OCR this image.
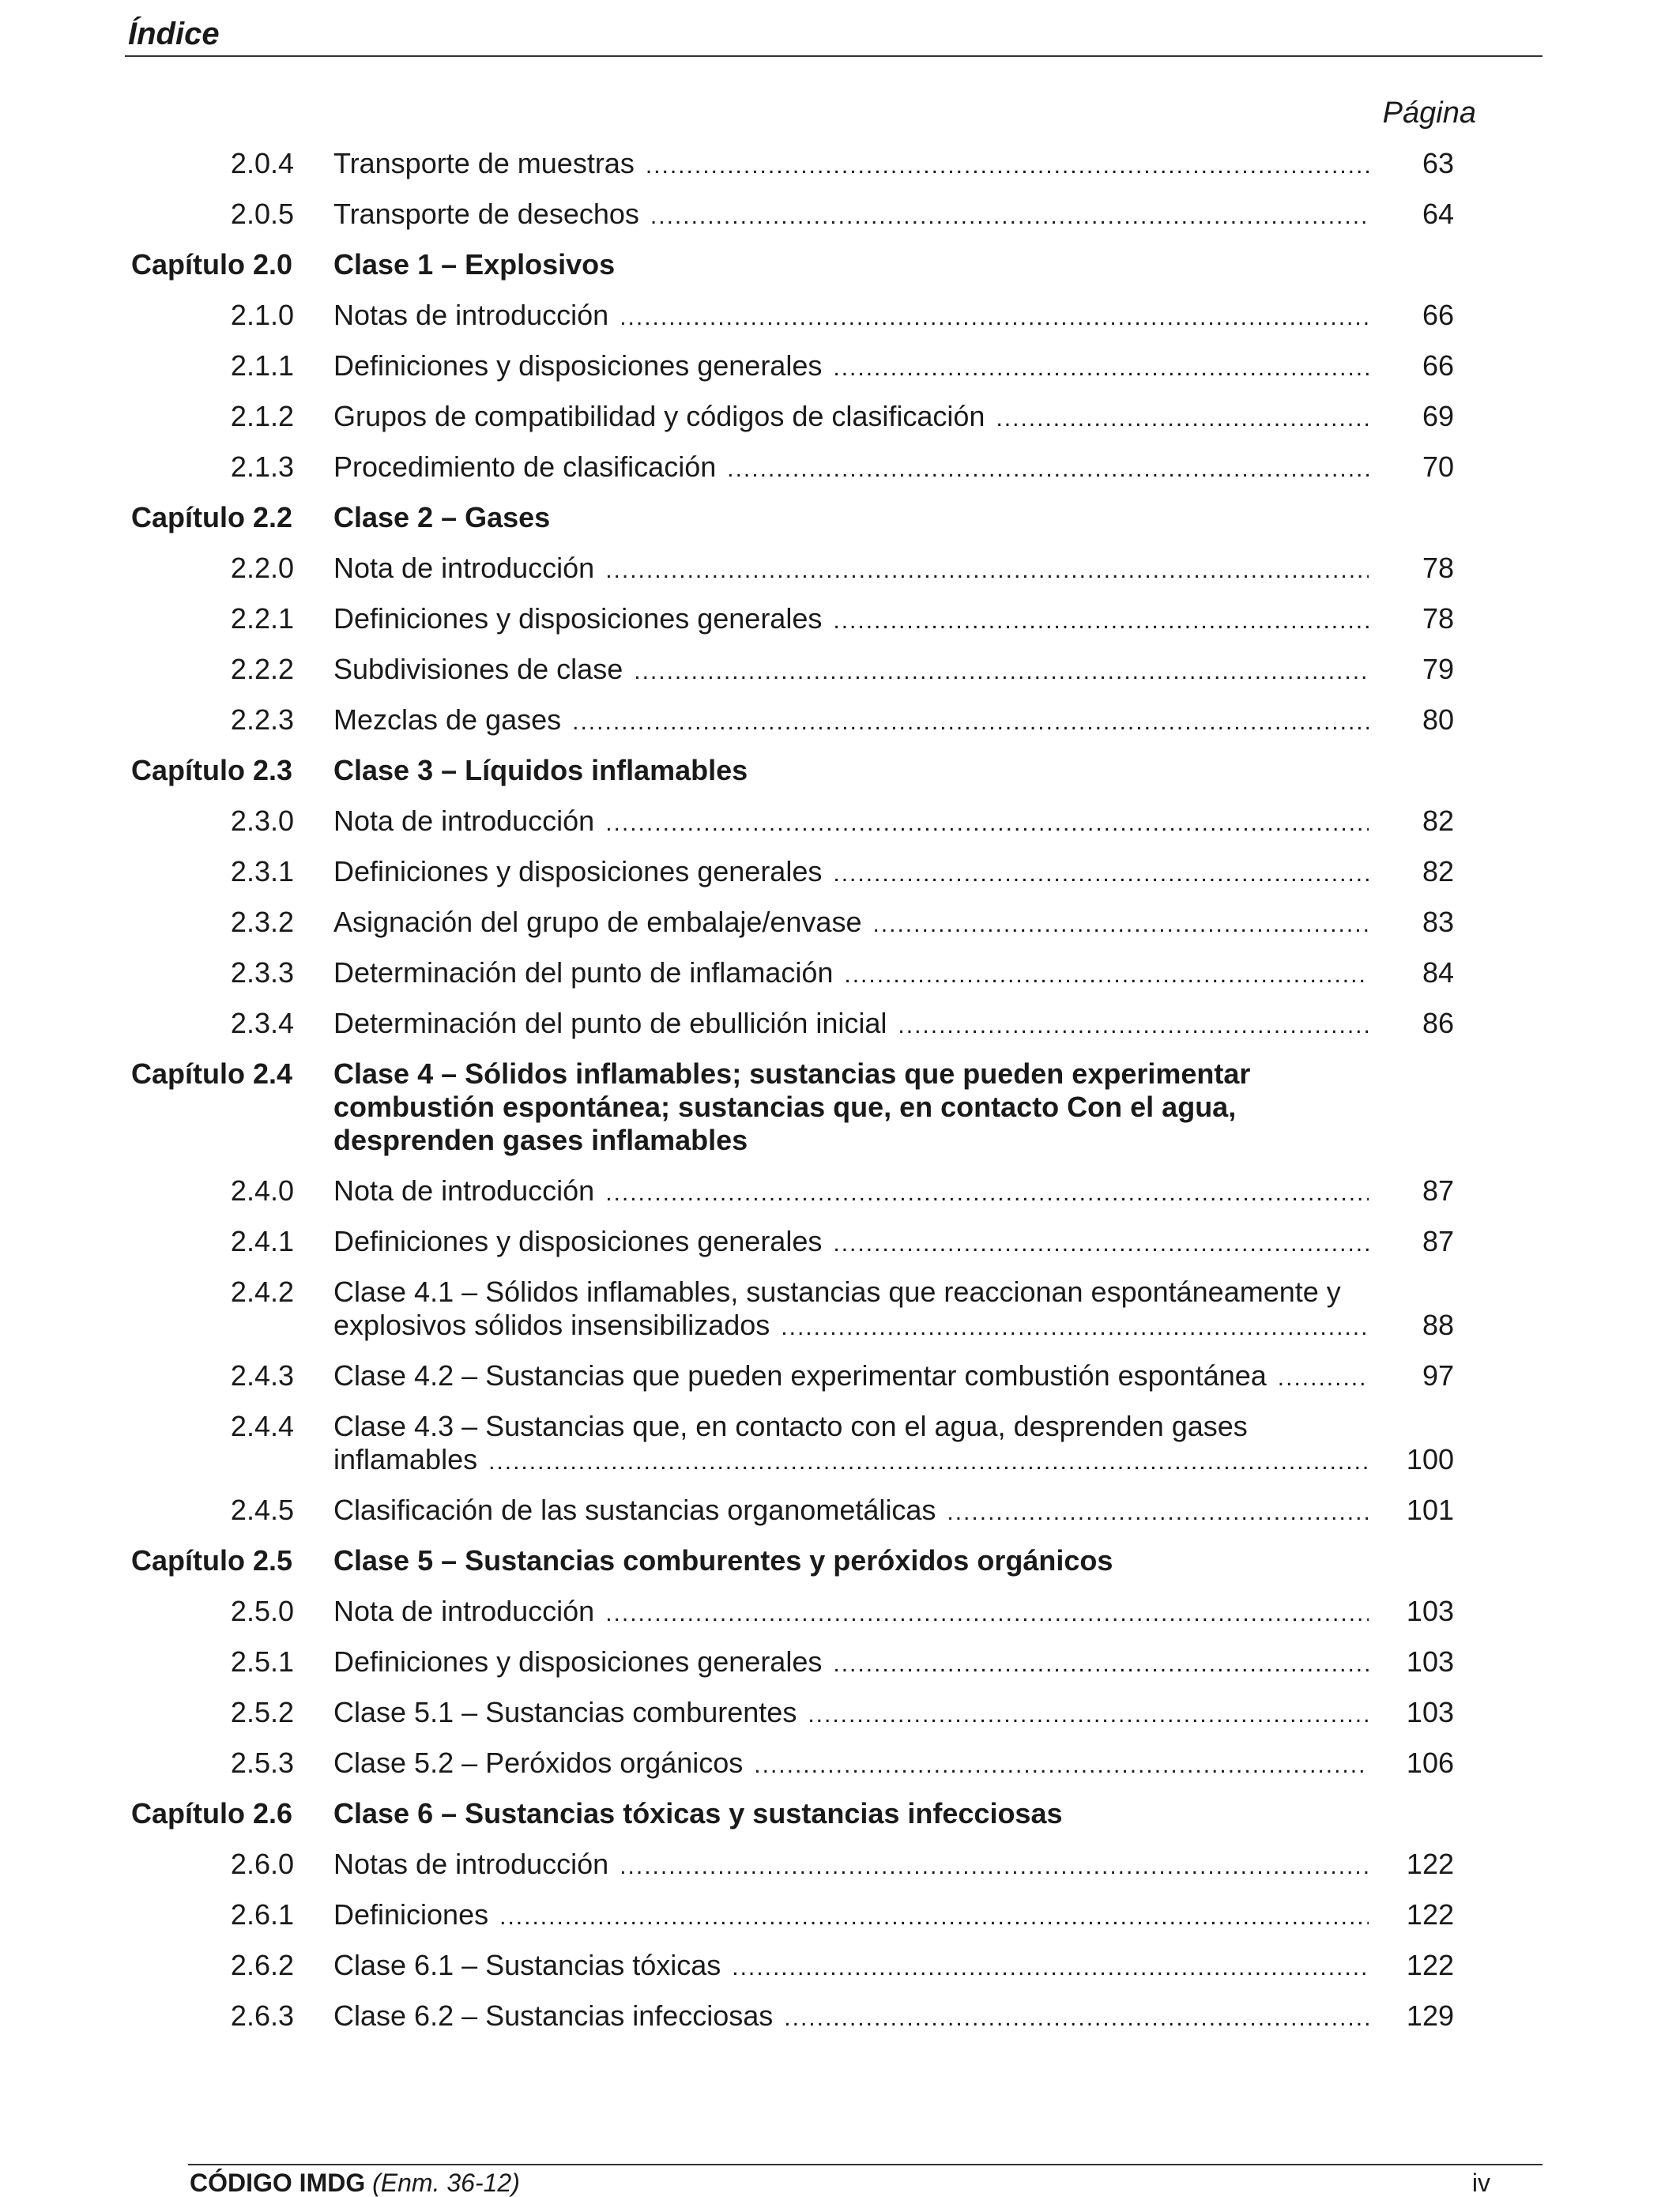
Índice
Página
2.0.4 Transporte de muestras .....	63
2.0.5 Transporte de desechos .....	64
Capítulo 2.0 Clase 1 – Explosivos
2.1.0 Notas de introducción .....	66
2.1.1 Definiciones y disposiciones generales .....	66
2.1.2 Grupos de compatibilidad y códigos de clasificación .....	69
2.1.3 Procedimiento de clasificación .....	70
Capítulo 2.2 Clase 2 – Gases
2.2.0 Nota de introducción .....	78
2.2.1 Definiciones y disposiciones generales .....	78
2.2.2 Subdivisiones de clase .....	79
2.2.3 Mezclas de gases .....	80
Capítulo 2.3 Clase 3 – Líquidos inflamables
2.3.0 Nota de introducción .....	82
2.3.1 Definiciones y disposiciones generales .....	82
2.3.2 Asignación del grupo de embalaje/envase .....	83
2.3.3 Determinación del punto de inflamación .....	84
2.3.4 Determinación del punto de ebullición inicial .....	86
Capítulo 2.4 Clase 4 – Sólidos inflamables; sustancias que pueden experimentar
combustión espontánea; sustancias que, en contacto Con el agua,
desprenden gases inflamables
2.4.0 Nota de introducción .....	87
2.4.1 Definiciones y disposiciones generales .....	87
2.4.2 Clase 4.1 – Sólidos inflamables, sustancias que reaccionan espontáneamente y
explosivos sólidos insensibilizados .....	88
2.4.3 Clase 4.2 – Sustancias que pueden experimentar combustión espontánea .....	97
2.4.4 Clase 4.3 – Sustancias que, en contacto con el agua, desprenden gases
inflamables .....	100
2.4.5 Clasificación de las sustancias organometálicas .....	101
Capítulo 2.5 Clase 5 – Sustancias comburentes y peróxidos orgánicos
2.5.0 Nota de introducción .....	103
2.5.1 Definiciones y disposiciones generales .....	103
2.5.2 Clase 5.1 – Sustancias comburentes .....	103
2.5.3 Clase 5.2 – Peróxidos orgánicos .....	106
Capítulo 2.6 Clase 6 – Sustancias tóxicas y sustancias infecciosas
2.6.0 Notas de introducción .....	122
2.6.1 Definiciones .....	122
2.6.2 Clase 6.1 – Sustancias tóxicas .....	122
2.6.3 Clase 6.2 – Sustancias infecciosas .....	129
CÓDIGO IMDG (Enm. 36-12)	iv
